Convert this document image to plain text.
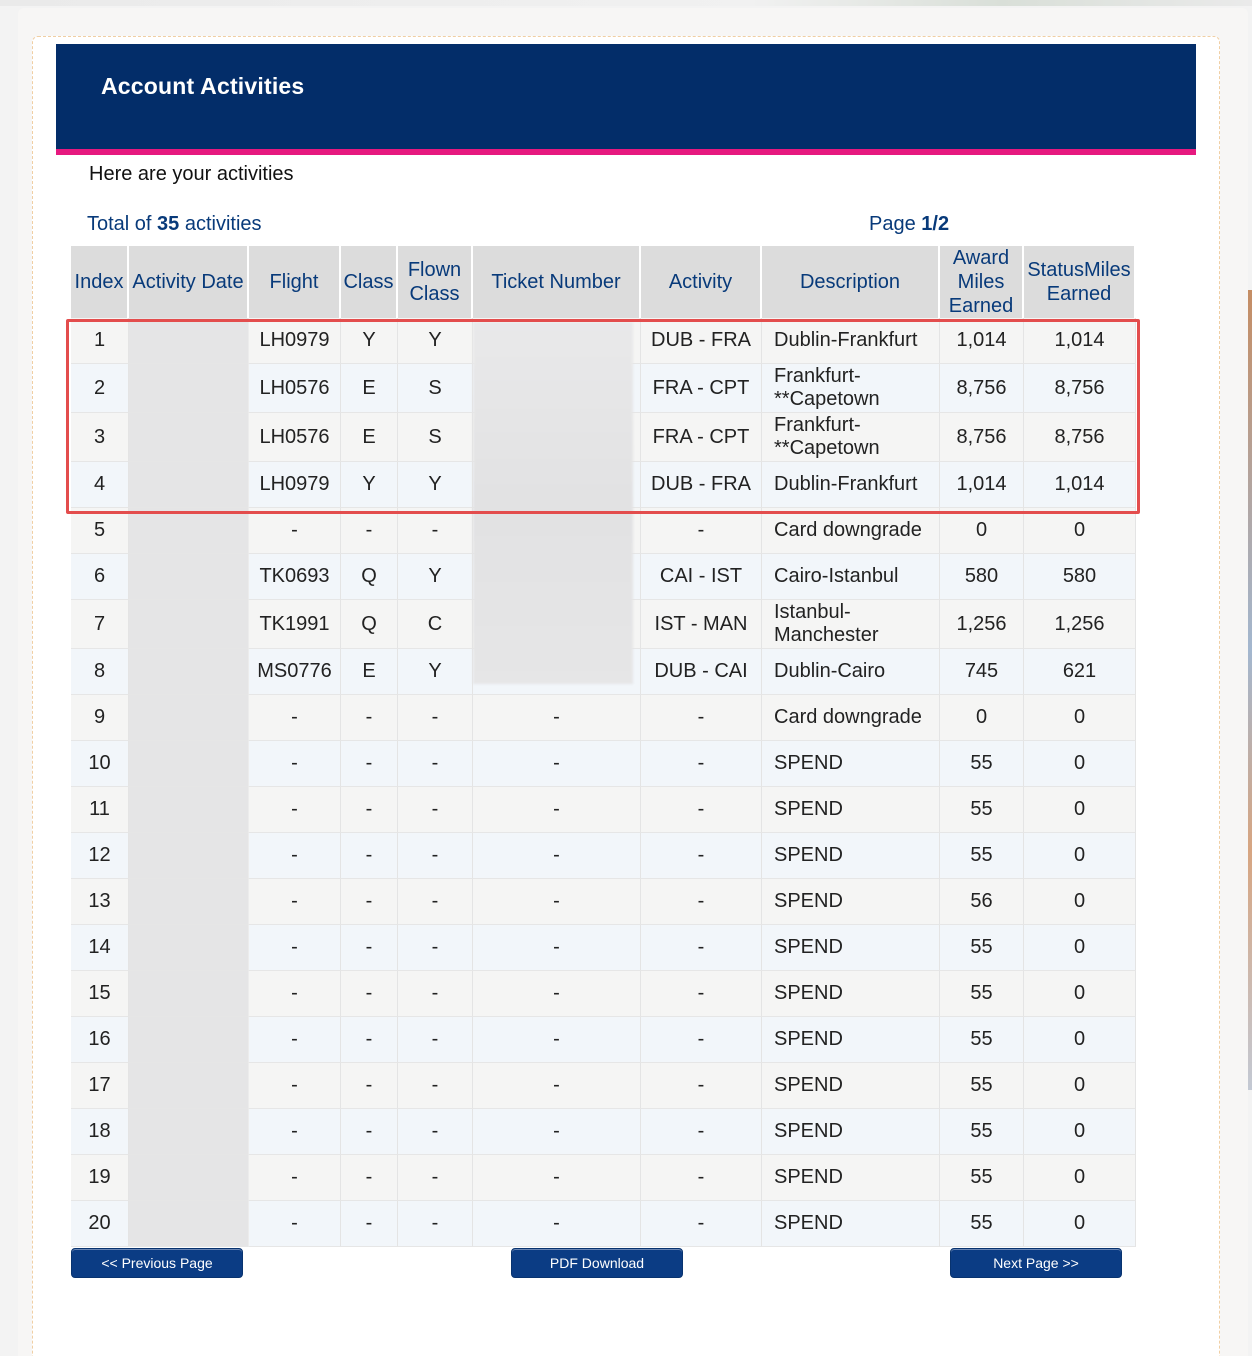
Account Activities
Here are your activities
Total of 35 activities	Page 1/2
Index	Activity Date	Flight	Class	Flown Class	Ticket Number	Activity	Description	Award Miles Earned	StatusMiles Earned
1		LH0979	Y	Y		DUB - FRA	Dublin-Frankfurt	1,014	1,014
2		LH0576	E	S		FRA - CPT	Frankfurt-
**Capetown	8,756	8,756
3		LH0576	E	S		FRA - CPT	Frankfurt-
**Capetown	8,756	8,756
4		LH0979	Y	Y		DUB - FRA	Dublin-Frankfurt	1,014	1,014
5		-	-	-		-	Card downgrade	0	0
6		TK0693	Q	Y		CAI - IST	Cairo-Istanbul	580	580
7		TK1991	Q	C		IST - MAN	Istanbul-
Manchester	1,256	1,256
8		MS0776	E	Y		DUB - CAI	Dublin-Cairo	745	621
9		-	-	-	-	-	Card downgrade	0	0
10		-	-	-	-	-	SPEND	55	0
11		-	-	-	-	-	SPEND	55	0
12		-	-	-	-	-	SPEND	55	0
13		-	-	-	-	-	SPEND	56	0
14		-	-	-	-	-	SPEND	55	0
15		-	-	-	-	-	SPEND	55	0
16		-	-	-	-	-	SPEND	55	0
17		-	-	-	-	-	SPEND	55	0
18		-	-	-	-	-	SPEND	55	0
19		-	-	-	-	-	SPEND	55	0
20		-	-	-	-	-	SPEND	55	0
<< Previous Page	PDF Download	Next Page >>
